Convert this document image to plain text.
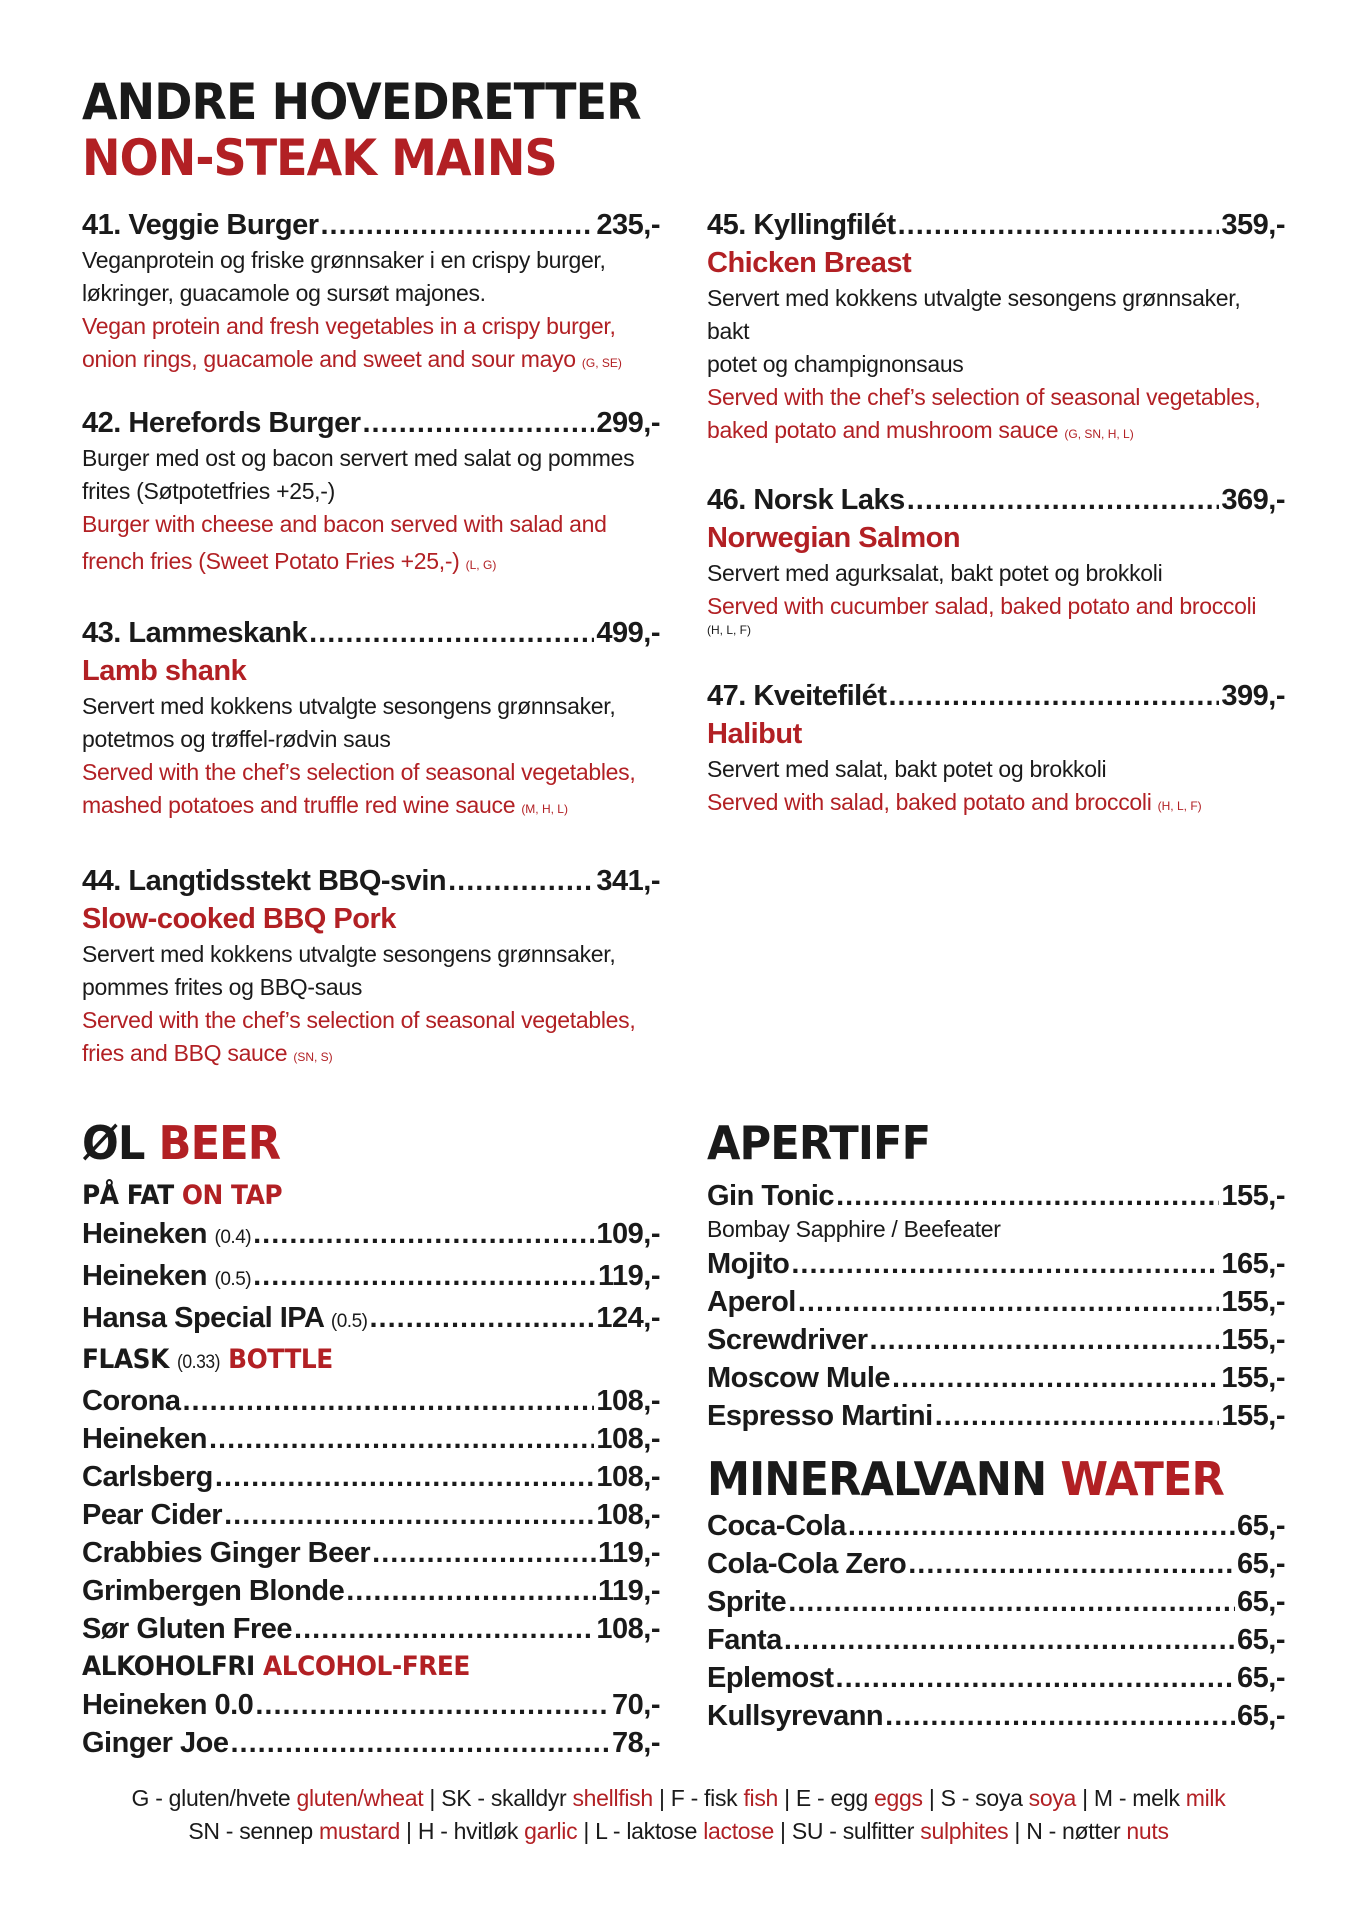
ANDRE HOVEDRETTER
NON-STEAK MAINS
41. Veggie Burger .....	235,-
Veganprotein og friske grønnsaker i en crispy burger,
løkringer, guacamole og sursøt majones.
Vegan protein and fresh vegetables in a crispy burger,
onion rings, guacamole and sweet and sour mayo (G, SE)
42. Herefords Burger .....	299,-
Burger med ost og bacon servert med salat og pommes
frites (Søtpotetfries +25,-)
Burger with cheese and bacon served with salad and
french fries (Sweet Potato Fries +25,-) (L, G)
43. Lammeskank .....	499,-
Lamb shank
Servert med kokkens utvalgte sesongens grønnsaker,
potetmos og trøffel-rødvin saus
Served with the chef’s selection of seasonal vegetables,
mashed potatoes and truffle red wine sauce (M, H, L)
44. Langtidsstekt BBQ-svin .....	341,-
Slow-cooked BBQ Pork
Servert med kokkens utvalgte sesongens grønnsaker,
pommes frites og BBQ-saus
Served with the chef’s selection of seasonal vegetables,
fries and BBQ sauce (SN, S)
45. Kyllingfilét .....	359,-
Chicken Breast
Servert med kokkens utvalgte sesongens grønnsaker, bakt
potet og champignonsaus
Served with the chef’s selection of seasonal vegetables,
baked potato and mushroom sauce (G, SN, H, L)
46. Norsk Laks .....	369,-
Norwegian Salmon
Servert med agurksalat, bakt potet og brokkoli
Served with cucumber salad, baked potato and broccoli
(H, L, F)
47. Kveitefilét .....	399,-
Halibut
Servert med salat, bakt potet og brokkoli
Served with salad, baked potato and broccoli (H, L, F)
ØL BEER
PÅ FAT ON TAP
Heineken (0.4) .....	109,-
Heineken (0.5) .....	119,-
Hansa Special IPA (0.5) .....	124,-
FLASK (0.33) BOTTLE
Corona .....	108,-
Heineken .....	108,-
Carlsberg .....	108,-
Pear Cider .....	108,-
Crabbies Ginger Beer .....	119,-
Grimbergen Blonde .....	119,-
Sør Gluten Free .....	108,-
ALKOHOLFRI ALCOHOL-FREE
Heineken 0.0 .....	70,-
Ginger Joe .....	78,-
APERTIFF
Gin Tonic .....	155,-
Bombay Sapphire / Beefeater
Mojito .....	165,-
Aperol .....	155,-
Screwdriver .....	155,-
Moscow Mule .....	155,-
Espresso Martini .....	155,-
MINERALVANN WATER
Coca-Cola .....	65,-
Cola-Cola Zero .....	65,-
Sprite .....	65,-
Fanta .....	65,-
Eplemost .....	65,-
Kullsyrevann .....	65,-
G - gluten/hvete gluten/wheat | SK - skalldyr shellfish | F - fisk fish | E - egg eggs | S - soya soya | M - melk milk
SN - sennep mustard | H - hvitløk garlic | L - laktose lactose | SU - sulfitter sulphites | N - nøtter nuts
